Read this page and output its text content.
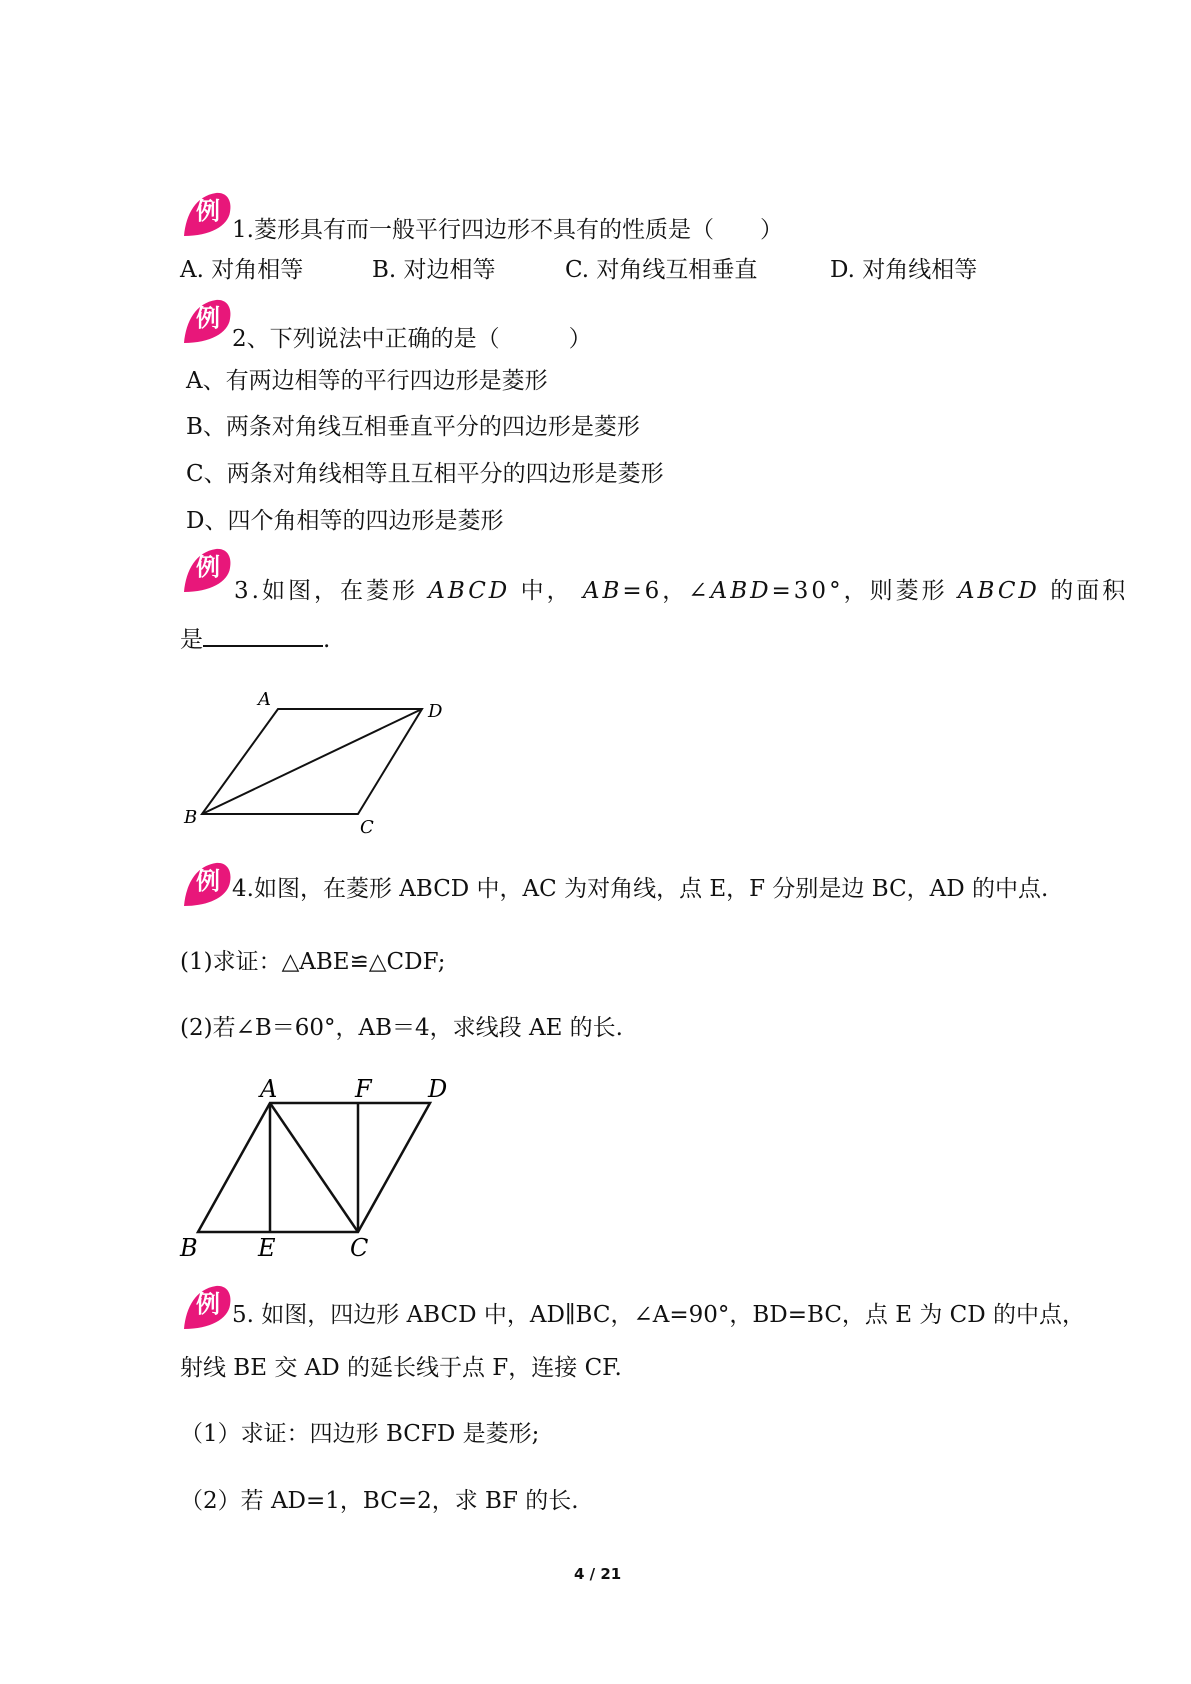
例
1.菱形具有而一般平行四边形不具有的性质是（　　）
A. 对角相等	B. 对边相等	C. 对角线互相垂直	D. 对角线相等
例
2、下列说法中正确的是（　　　）
A、有两边相等的平行四边形是菱形
B、两条对角线互相垂直平分的四边形是菱形
C、两条对角线相等且互相平分的四边形是菱形
D、四个角相等的四边形是菱形
例
3.如图，在菱形 ABCD 中， AB=6，∠ABD=30°，则菱形 ABCD 的面积
是	.
A
D
B	C
例 4.如图，在菱形 ABCD 中，AC 为对角线，点 E，F 分别是边 BC，AD 的中点.
(1)求证：△ABE≌△CDF;
(2)若∠B＝60°，AB＝4，求线段 AE 的长.
A	F D
B	E	C
例 5. 如图，四边形 ABCD 中，AD∥BC，∠A=90°，BD=BC，点 E 为 CD 的中点，
射线 BE 交 AD 的延长线于点 F，连接 CF.
（1）求证：四边形 BCFD 是菱形;
（2）若 AD=1，BC=2，求 BF 的长.
4 / 21
